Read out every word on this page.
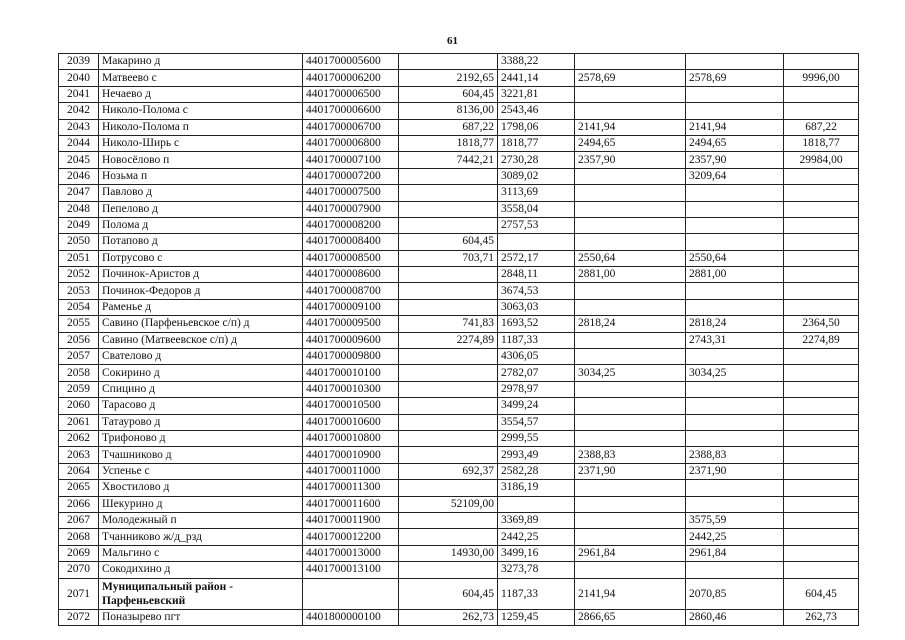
61
2039	Макарино д	4401700005600		3388,22			
2040	Матвеево с	4401700006200	2192,65	2441,14	2578,69	2578,69	9996,00
2041	Нечаево д	4401700006500	604,45	3221,81			
2042	Николо-Полома с	4401700006600	8136,00	2543,46			
2043	Николо-Полома п	4401700006700	687,22	1798,06	2141,94	2141,94	687,22
2044	Николо-Ширь с	4401700006800	1818,77	1818,77	2494,65	2494,65	1818,77
2045	Новосёлово п	4401700007100	7442,21	2730,28	2357,90	2357,90	29984,00
2046	Нозьма п	4401700007200		3089,02		3209,64	
2047	Павлово д	4401700007500		3113,69			
2048	Пепелово д	4401700007900		3558,04			
2049	Полома д	4401700008200		2757,53			
2050	Потапово д	4401700008400	604,45				
2051	Потрусово с	4401700008500	703,71	2572,17	2550,64	2550,64	
2052	Починок-Аристов д	4401700008600		2848,11	2881,00	2881,00	
2053	Починок-Федоров д	4401700008700		3674,53			
2054	Раменье д	4401700009100		3063,03			
2055	Савино (Парфеньевское с/п) д	4401700009500	741,83	1693,52	2818,24	2818,24	2364,50
2056	Савино (Матвеевское с/п) д	4401700009600	2274,89	1187,33		2743,31	2274,89
2057	Свателово д	4401700009800		4306,05			
2058	Сокирино д	4401700010100		2782,07	3034,25	3034,25	
2059	Спицино д	4401700010300		2978,97			
2060	Тарасово д	4401700010500		3499,24			
2061	Татаурово д	4401700010600		3554,57			
2062	Трифоново д	4401700010800		2999,55			
2063	Тчашниково д	4401700010900		2993,49	2388,83	2388,83	
2064	Успенье с	4401700011000	692,37	2582,28	2371,90	2371,90	
2065	Хвостилово д	4401700011300		3186,19			
2066	Шекурино д	4401700011600	52109,00				
2067	Молодежный п	4401700011900		3369,89		3575,59	
2068	Тчанниково ж/д_рзд	4401700012200		2442,25		2442,25	
2069	Мальгино с	4401700013000	14930,00	3499,16	2961,84	2961,84	
2070	Сокодихино д	4401700013100		3273,78			
2071	Муниципальный район - Парфеньевский		604,45	1187,33	2141,94	2070,85	604,45
2072	Поназырево пгт	4401800000100	262,73	1259,45	2866,65	2860,46	262,73
